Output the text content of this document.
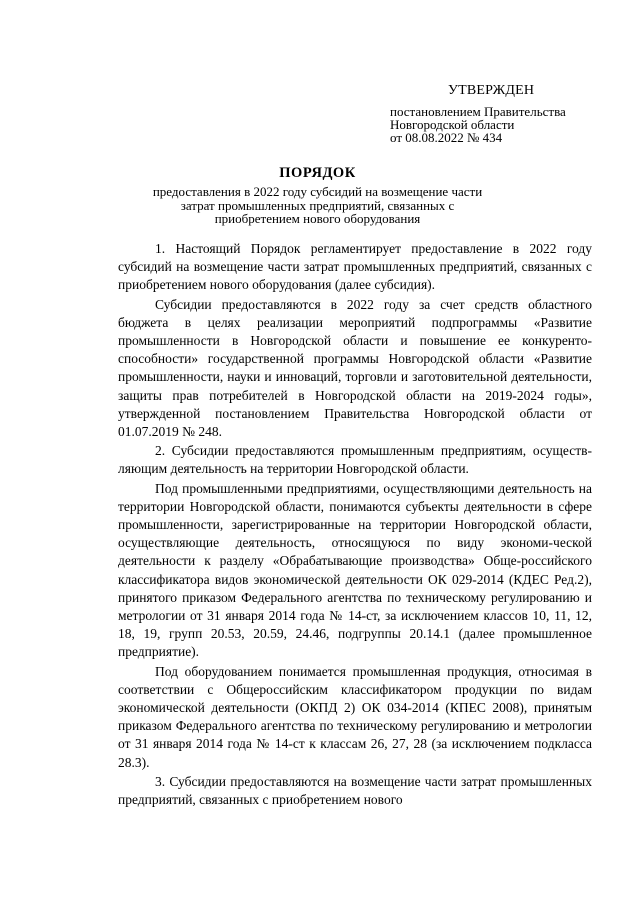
УТВЕРЖДЕН
постановлением Правительства
Новгородской области
от 08.08.2022 № 434
ПОРЯДОК
предоставления в 2022 году субсидий на возмещение части затрат промышленных предприятий, связанных с приобретением нового оборудования

1. Настоящий Порядок регламентирует предоставление в 2022 году субсидий на возмещение части затрат промышленных предприятий, связанных с приобретением нового оборудования (далее субсидия).

Субсидии предоставляются в 2022 году за счет средств областного бюджета в целях реализации мероприятий подпрограммы «Развитие промышленности в Новгородской области и повышение ее конкуренто-способности» государственной программы Новгородской области «Развитие промышленности, науки и инноваций, торговли и заготовительной деятельности, защиты прав потребителей в Новгородской области на 2019-2024 годы», утвержденной постановлением Правительства Новгородской области от 01.07.2019 № 248.

2. Субсидии предоставляются промышленным предприятиям, осуществ-ляющим деятельность на территории Новгородской области.

Под промышленными предприятиями, осуществляющими деятельность на территории Новгородской области, понимаются субъекты деятельности в сфере промышленности, зарегистрированные на территории Новгородской области, осуществляющие деятельность, относящуюся по виду экономи-ческой деятельности к разделу «Обрабатывающие производства» Обще-российского классификатора видов экономической деятельности ОК 029-2014 (КДЕС Ред.2), принятого приказом Федерального агентства по техническому регулированию и метрологии от 31 января 2014 года № 14-ст, за исключением классов 10, 11, 12, 18, 19, групп 20.53, 20.59, 24.46, подгруппы 20.14.1 (далее промышленное предприятие).

Под оборудованием понимается промышленная продукция, относимая в соответствии с Общероссийским классификатором продукции по видам экономической деятельности (ОКПД 2) ОК 034-2014 (КПЕС 2008), принятым приказом Федерального агентства по техническому регулированию и метрологии от 31 января 2014 года № 14-ст к классам 26, 27, 28 (за исключением подкласса 28.3).

3. Субсидии предоставляются на возмещение части затрат промышленных предприятий, связанных с приобретением нового
